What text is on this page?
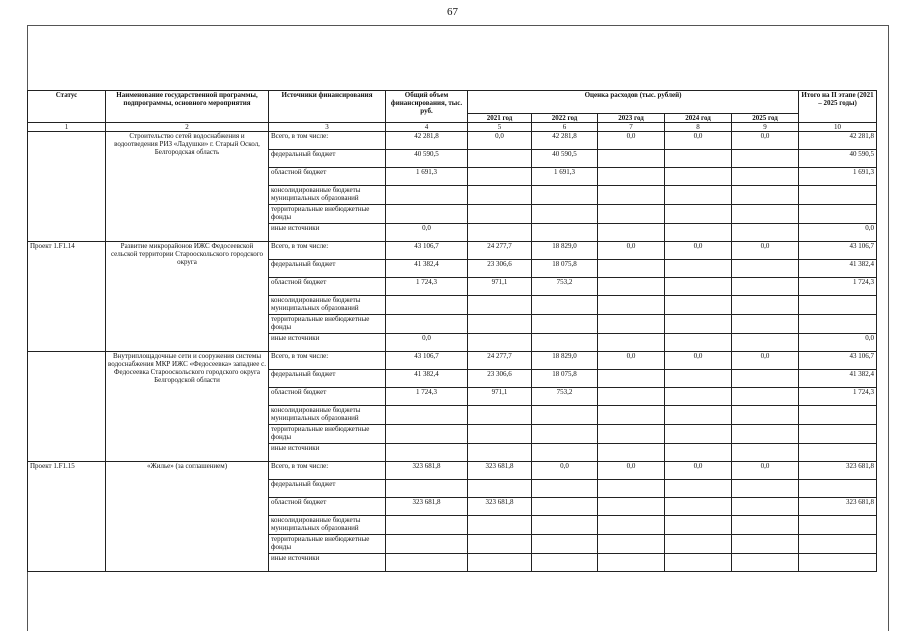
67
Статус	Наименование государственной программы, подпрограммы, основного мероприятия	Источники финансирования	Общий объем финансирования, тыс. руб.	Оценка расходов (тыс. рублей)					Итого на II этапе (2021 – 2025 годы)
				2021 год	2022 год	2023 год	2024 год	2025 год	
1	2	3	4	5	6	7	8	9	10
	Строительство сетей водоснабжения и водоотведения РИЗ «Ладушки» г. Старый Оскол, Белгородская область	Всего, в том числе:	42 281,8	0,0	42 281,8	0,0	0,0	0,0	42 281,8
		федеральный бюджет	40 590,5		40 590,5				40 590,5
		областной бюджет	1 691,3		1 691,3				1 691,3
		консолидированные бюджеты муниципальных образований							
		территориальные внебюджетные фонды							
		иные источники	0,0						0,0
Проект 1.F1.14	Развитие микрорайонов ИЖС Федосеевской сельской территории Старооскольского городского округа	Всего, в том числе:	43 106,7	24 277,7	18 829,0	0,0	0,0	0,0	43 106,7
		федеральный бюджет	41 382,4	23 306,6	18 075,8				41 382,4
		областной бюджет	1 724,3	971,1	753,2				1 724,3
		консолидированные бюджеты муниципальных образований							
		территориальные внебюджетные фонды							
		иные источники	0,0						0,0
	Внутриплощадочные сети и сооружения системы водоснабжения МКР ИЖС «Федосеевка» западнее с. Федосеевка Старооскольского городского округа Белгородской области	Всего, в том числе:	43 106,7	24 277,7	18 829,0	0,0	0,0	0,0	43 106,7
		федеральный бюджет	41 382,4	23 306,6	18 075,8				41 382,4
		областной бюджет	1 724,3	971,1	753,2				1 724,3
		консолидированные бюджеты муниципальных образований							
		территориальные внебюджетные фонды							
		иные источники							
Проект 1.F1.15	«Жилье» (за соглашением)	Всего, в том числе:	323 681,8	323 681,8	0,0	0,0	0,0	0,0	323 681,8
		федеральный бюджет							
		областной бюджет	323 681,8	323 681,8					323 681,8
		консолидированные бюджеты муниципальных образований							
		территориальные внебюджетные фонды							
		иные источники							
